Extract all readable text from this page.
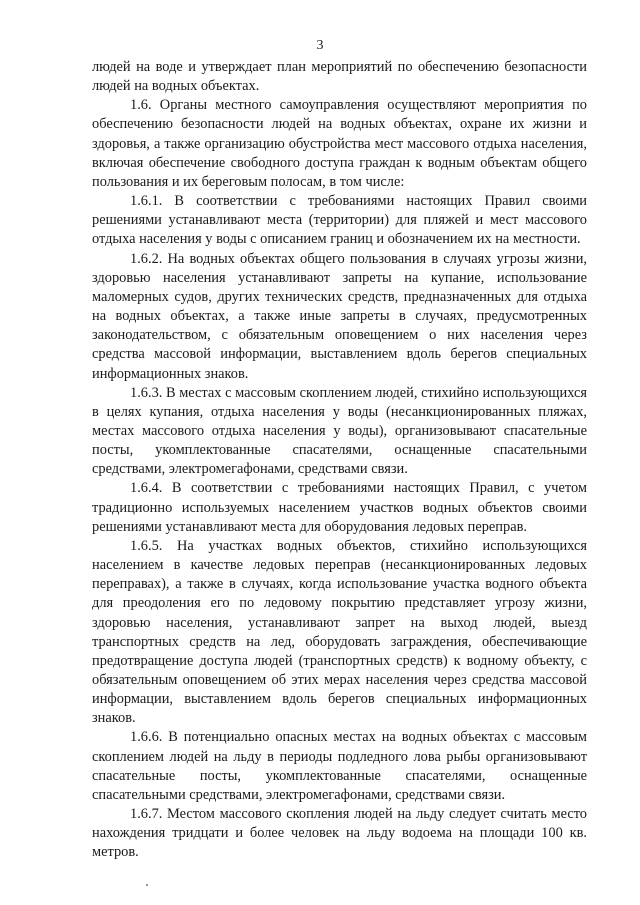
3

людей на воде и утверждает план мероприятий по обеспечению безопасности людей на водных объектах.

1.6. Органы местного самоуправления осуществляют мероприятия по обеспечению безопасности людей на водных объектах, охране их жизни и здоровья, а также организацию обустройства мест массового отдыха населения, включая обеспечение свободного доступа граждан к водным объектам общего пользования и их береговым полосам, в том числе:

1.6.1. В соответствии с требованиями настоящих Правил своими решениями устанавливают места (территории) для пляжей и мест массового отдыха населения у воды с описанием границ и обозначением их на местности.

1.6.2. На водных объектах общего пользования в случаях угрозы жизни, здоровью населения устанавливают запреты на купание, использование маломерных судов, других технических средств, предназначенных для отдыха на водных объектах, а также иные запреты в случаях, предусмотренных законодательством, с обязательным оповещением о них населения через средства массовой информации, выставлением вдоль берегов специальных информационных знаков.

1.6.3. В местах с массовым скоплением людей, стихийно использующихся в целях купания, отдыха населения у воды (несанкционированных пляжах, местах массового отдыха населения у воды), организовывают спасательные посты, укомплектованные спасателями, оснащенные спасательными средствами, электромегафонами, средствами связи.

1.6.4. В соответствии с требованиями настоящих Правил, с учетом традиционно используемых населением участков водных объектов своими решениями устанавливают места для оборудования ледовых переправ.

1.6.5. На участках водных объектов, стихийно использующихся населением в качестве ледовых переправ (несанкционированных ледовых переправах), а также в случаях, когда использование участка водного объекта для преодоления его по ледовому покрытию представляет угрозу жизни, здоровью населения, устанавливают запрет на выход людей, выезд транспортных средств на лед, оборудовать заграждения, обеспечивающие предотвращение доступа людей (транспортных средств) к водному объекту, с обязательным оповещением об этих мерах населения через средства массовой информации, выставлением вдоль берегов специальных информационных знаков.

1.6.6. В потенциально опасных местах на водных объектах с массовым скоплением людей на льду в периоды подледного лова рыбы организовывают спасательные посты, укомплектованные спасателями, оснащенные спасательными средствами, электромегафонами, средствами связи.

1.6.7. Местом массового скопления людей на льду следует считать место нахождения тридцати и более человек на льду водоема на площади 100 кв. метров.
